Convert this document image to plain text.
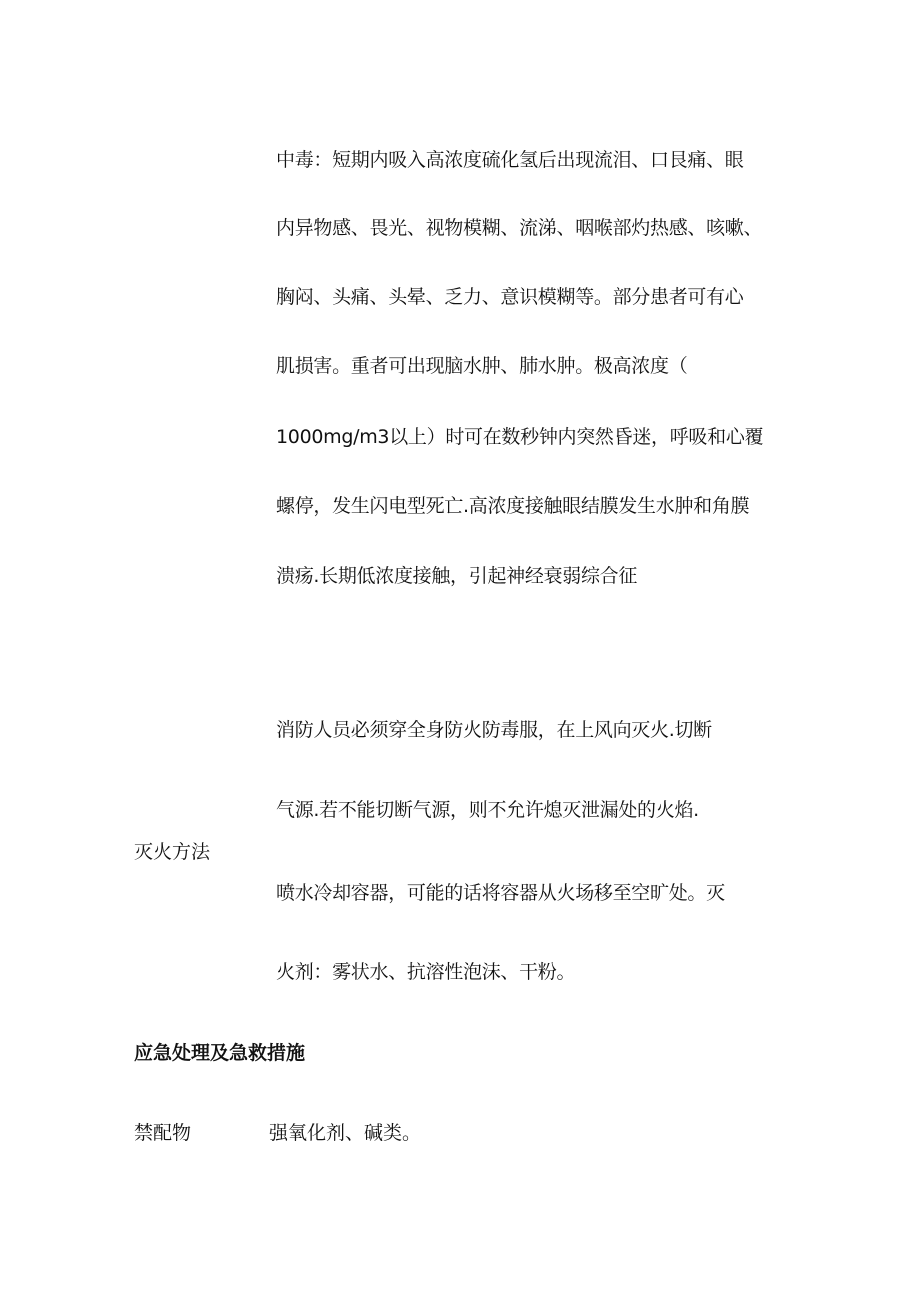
中毒：短期内吸入高浓度硫化氢后出现流泪、口艮痛、眼
内异物感、畏光、视物模糊、流涕、咽喉部灼热感、咳嗽、
胸闷、头痛、头晕、乏力、意识模糊等。部分患者可有心
肌损害。重者可出现脑水肿、肺水肿。极高浓度（
1000mg∕m3以上）时可在数秒钟内突然昏迷，呼吸和心覆
螺停，发生闪电型死亡.高浓度接触眼结膜发生水肿和角膜
溃疡.长期低浓度接触，引起神经衰弱综合征
消防人员必须穿全身防火防毒服，在上风向灭火.切断
气源.若不能切断气源，则不允许熄灭泄漏处的火焰.
灭火方法
喷水冷却容器，可能的话将容器从火场移至空旷处。灭
火剂：雾状水、抗溶性泡沫、干粉。
应急处理及急救措施
禁配物	强氧化剂、碱类。
